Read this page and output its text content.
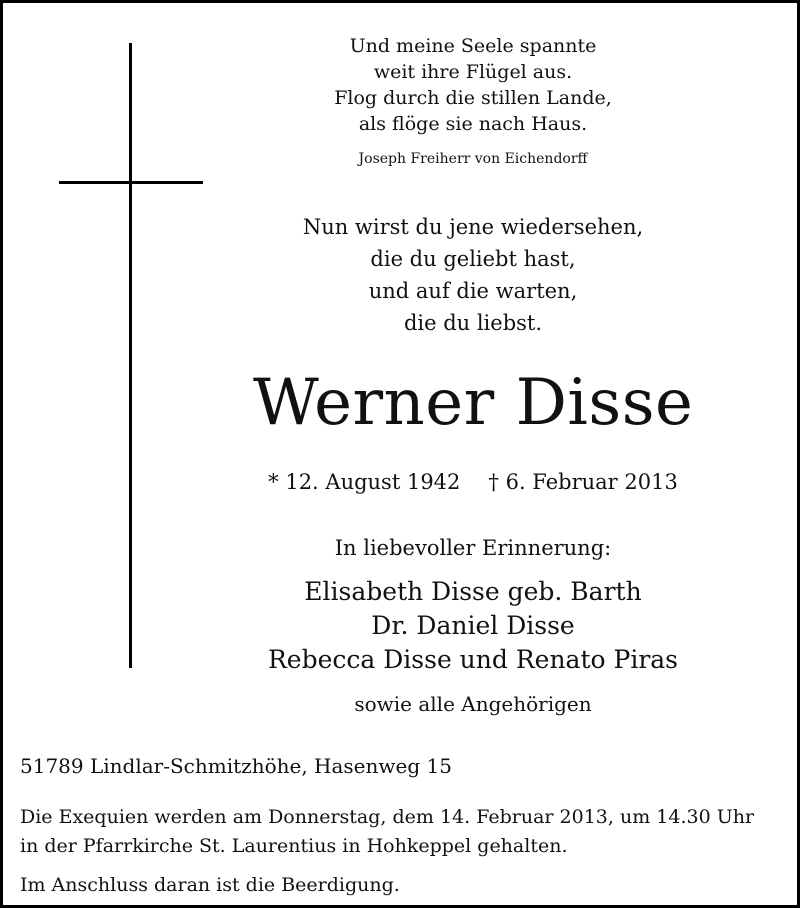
Und meine Seele spannte
weit ihre Flügel aus.
Flog durch die stillen Lande,
als flöge sie nach Haus.
Joseph Freiherr von Eichendorff
Nun wirst du jene wiedersehen,
die du geliebt hast,
und auf die warten,
die du liebst.
Werner Disse
* 12. August 1942 † 6. Februar 2013
In liebevoller Erinnerung:
Elisabeth Disse geb. Barth
Dr. Daniel Disse
Rebecca Disse und Renato Piras
sowie alle Angehörigen
51789 Lindlar-Schmitzhöhe, Hasenweg 15
Die Exequien werden am Donnerstag, dem 14. Februar 2013, um 14.30 Uhr
in der Pfarrkirche St. Laurentius in Hohkeppel gehalten.
Im Anschluss daran ist die Beerdigung.
